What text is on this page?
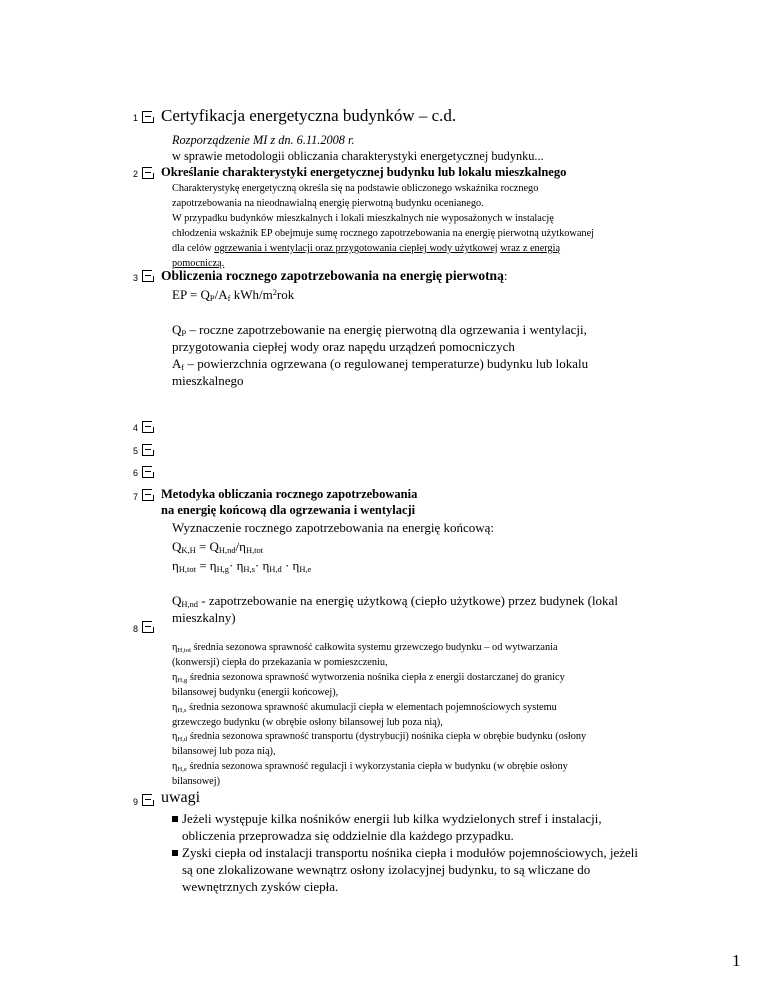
1 Certyfikacja energetyczna budynków – c.d.
Rozporządzenie MI z dn. 6.11.2008 r.
w sprawie metodologii obliczania charakterystyki energetycznej budynku...
2 Określanie charakterystyki energetycznej budynku lub lokalu mieszkalnego
Charakterystykę energetyczną określa się na podstawie obliczonego wskaźnika rocznego
zapotrzebowania na nieodnawialną energię pierwotną budynku ocenianego.
W przypadku budynków mieszkalnych i lokali mieszkalnych nie wyposażonych w instalację
chłodzenia wskaźnik EP obejmuje sumę rocznego zapotrzebowania na energię pierwotną użytkowanej
dla celów ogrzewania i wentylacji oraz przygotowania ciepłej wody użytkowej wraz z energią
pomocniczą.
3 Obliczenia rocznego zapotrzebowania na energię pierwotną:
EP = $Q_P/A_f$ kWh/$m^2rok$
$Q_P$ – roczne zapotrzebowanie na energię pierwotną dla ogrzewania i wentylacji,
przygotowania ciepłej wody oraz napędu urządzeń pomocniczych
$A_f$ – powierzchnia ogrzewana (o regulowanej temperaturze) budynku lub lokalu
mieszkalnego
4
5
6
7 Metodyka obliczania rocznego zapotrzebowania
na energię końcową dla ogrzewania i wentylacji
Wyznaczenie rocznego zapotrzebowania na energię końcową:
$Q_{K,H} = Q_{H,nd}/\eta_{H,tot}$
$\eta_{H,tot} = \eta_{H,g}\cdot \eta_{H,s}\cdot \eta_{H,d} \cdot \eta_{H,e}$
$Q_{H,nd}$ - zapotrzebowanie na energię użytkową (ciepło użytkowe) przez budynek (lokal
mieszkalny)
8
$\eta_{H,tot}$ średnia sezonowa sprawność całkowita systemu grzewczego budynku – od wytwarzania
(konwersji) ciepła do przekazania w pomieszczeniu,
$\eta_{H,g}$ średnia sezonowa sprawność wytworzenia nośnika ciepła z energii dostarczanej do granicy
bilansowej budynku (energii końcowej),
$\eta_{H,s}$ średnia sezonowa sprawność akumulacji ciepła w elementach pojemnościowych systemu
grzewczego budynku (w obrębie osłony bilansowej lub poza nią),
$\eta_{H,d}$ średnia sezonowa sprawność transportu (dystrybucji) nośnika ciepła w obrębie budynku (osłony
bilansowej lub poza nią),
$\eta_{H,e}$ średnia sezonowa sprawność regulacji i wykorzystania ciepła w budynku (w obrębie osłony
bilansowej)
9 uwagi
Jeżeli występuje kilka nośników energii lub kilka wydzielonych stref i instalacji,
obliczenia przeprowadza się oddzielnie dla każdego przypadku.
Zyski ciepła od instalacji transportu nośnika ciepła i modułów pojemnościowych, jeżeli
są one zlokalizowane wewnątrz osłony izolacyjnej budynku, to są wliczane do
wewnętrznych zysków ciepła.
1
